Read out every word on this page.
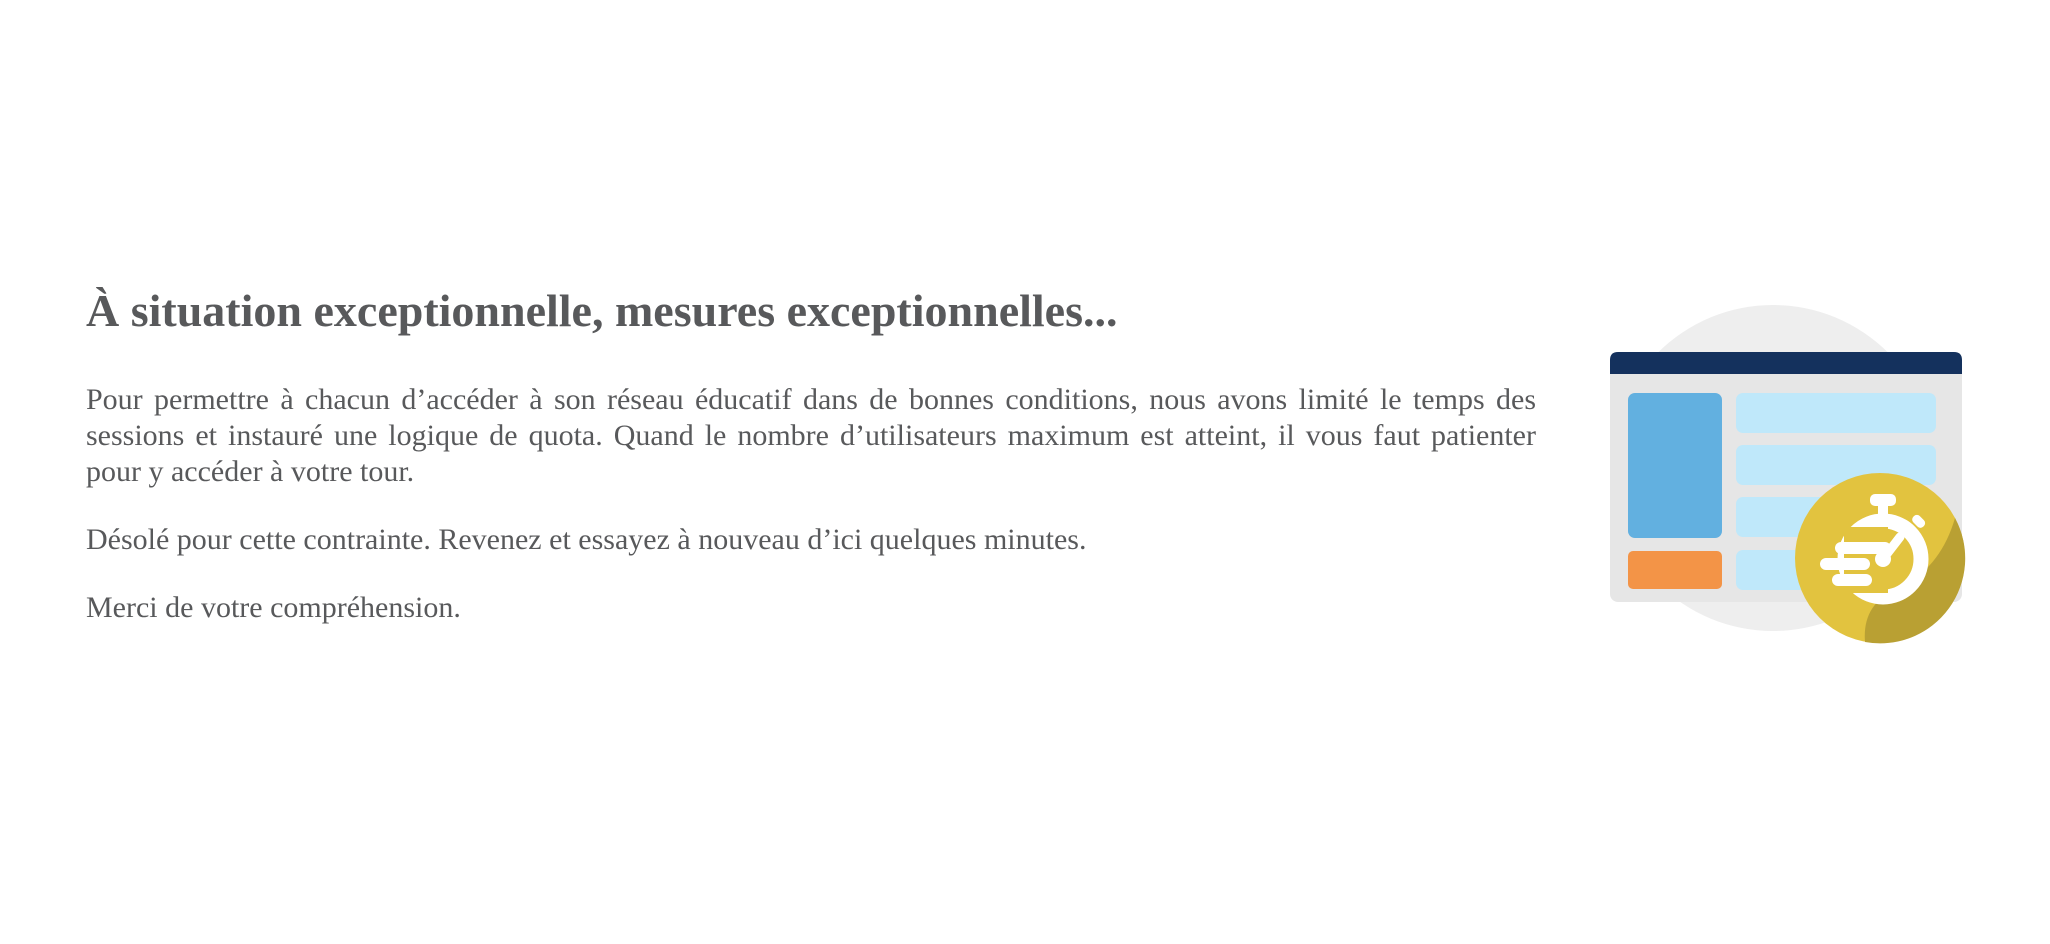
À situation exceptionnelle, mesures exceptionnelles...

Pour permettre à chacun d’accéder à son réseau éducatif dans de bonnes conditions, nous avons limité le temps des sessions et instauré une logique de quota. Quand le nombre d’utilisateurs maximum est atteint, il vous faut patienter pour y accéder à votre tour.

Désolé pour cette contrainte. Revenez et essayez à nouveau d’ici quelques minutes.

Merci de votre compréhension.
